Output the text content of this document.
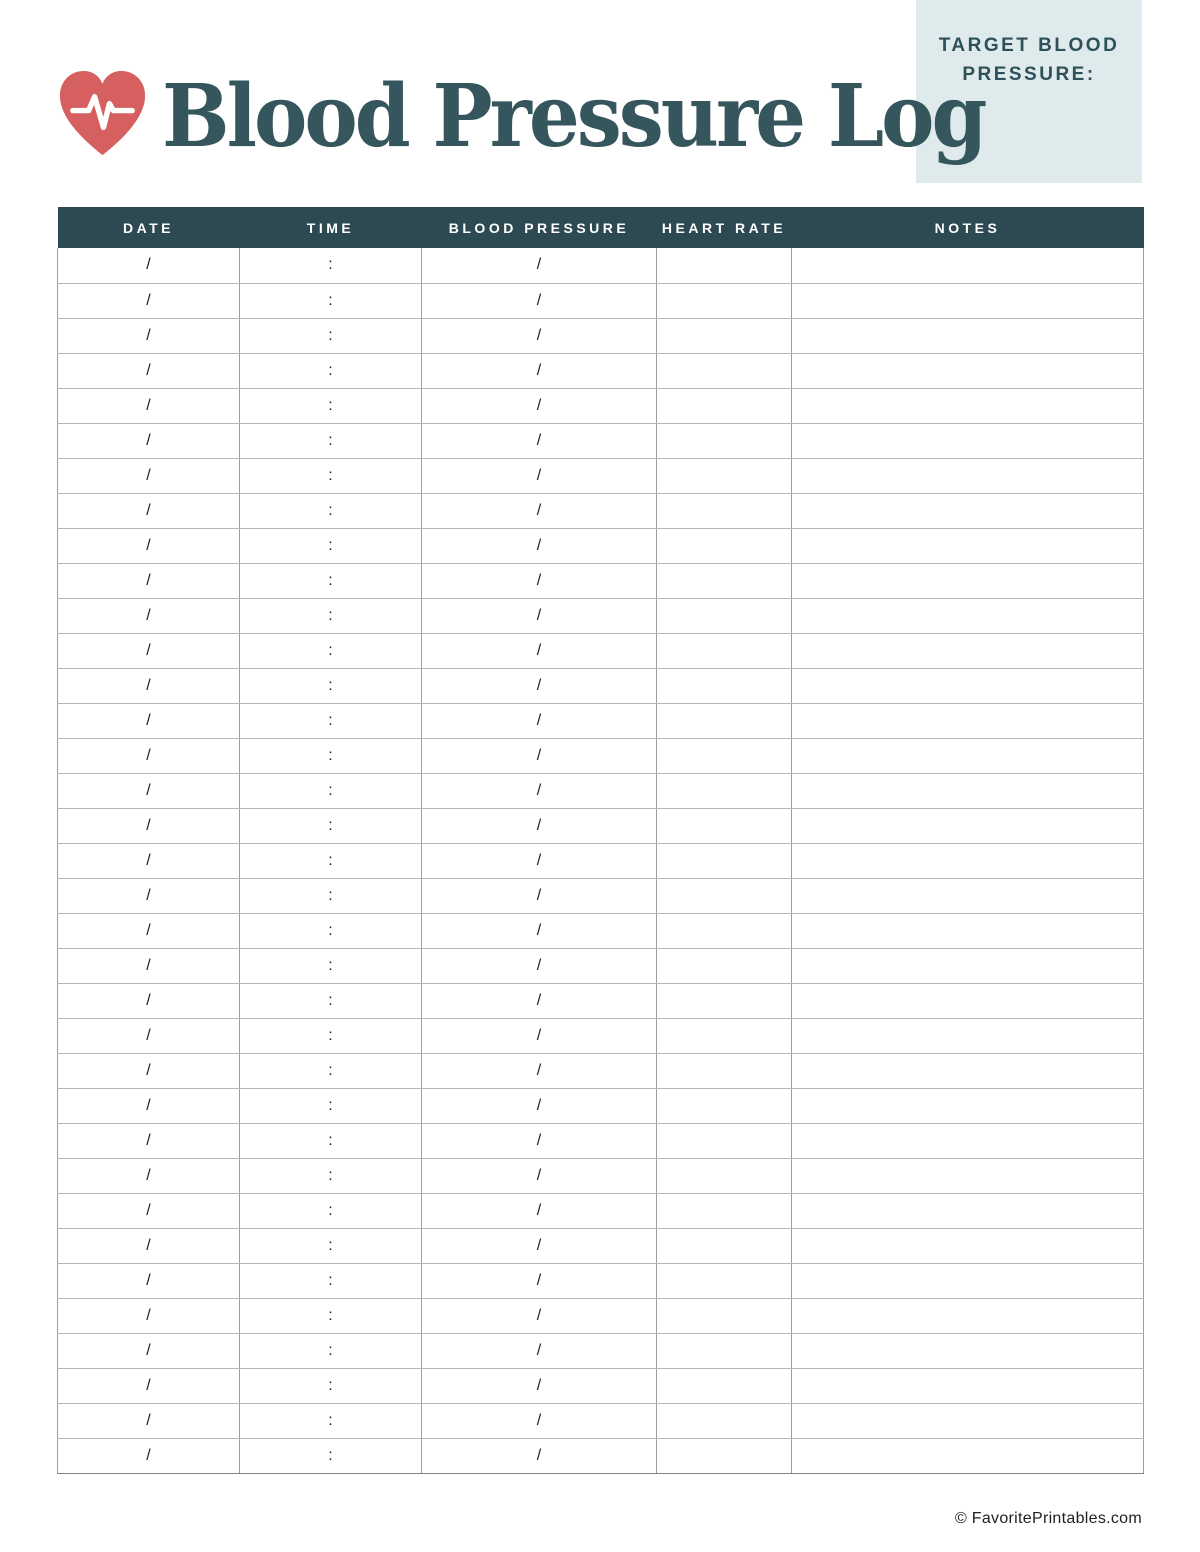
TARGET BLOOD PRESSURE:
Blood Pressure Log
DATE	TIME	BLOOD PRESSURE	HEART RATE	NOTES
/	:	/		
/	:	/		
/	:	/		
/	:	/		
/	:	/		
/	:	/		
/	:	/		
/	:	/		
/	:	/		
/	:	/		
/	:	/		
/	:	/		
/	:	/		
/	:	/		
/	:	/		
/	:	/		
/	:	/		
/	:	/		
/	:	/		
/	:	/		
/	:	/		
/	:	/		
/	:	/		
/	:	/		
/	:	/		
/	:	/		
/	:	/		
/	:	/		
/	:	/		
/	:	/		
/	:	/		
/	:	/		
/	:	/		
/	:	/		
/	:	/		
© FavoritePrintables.com
